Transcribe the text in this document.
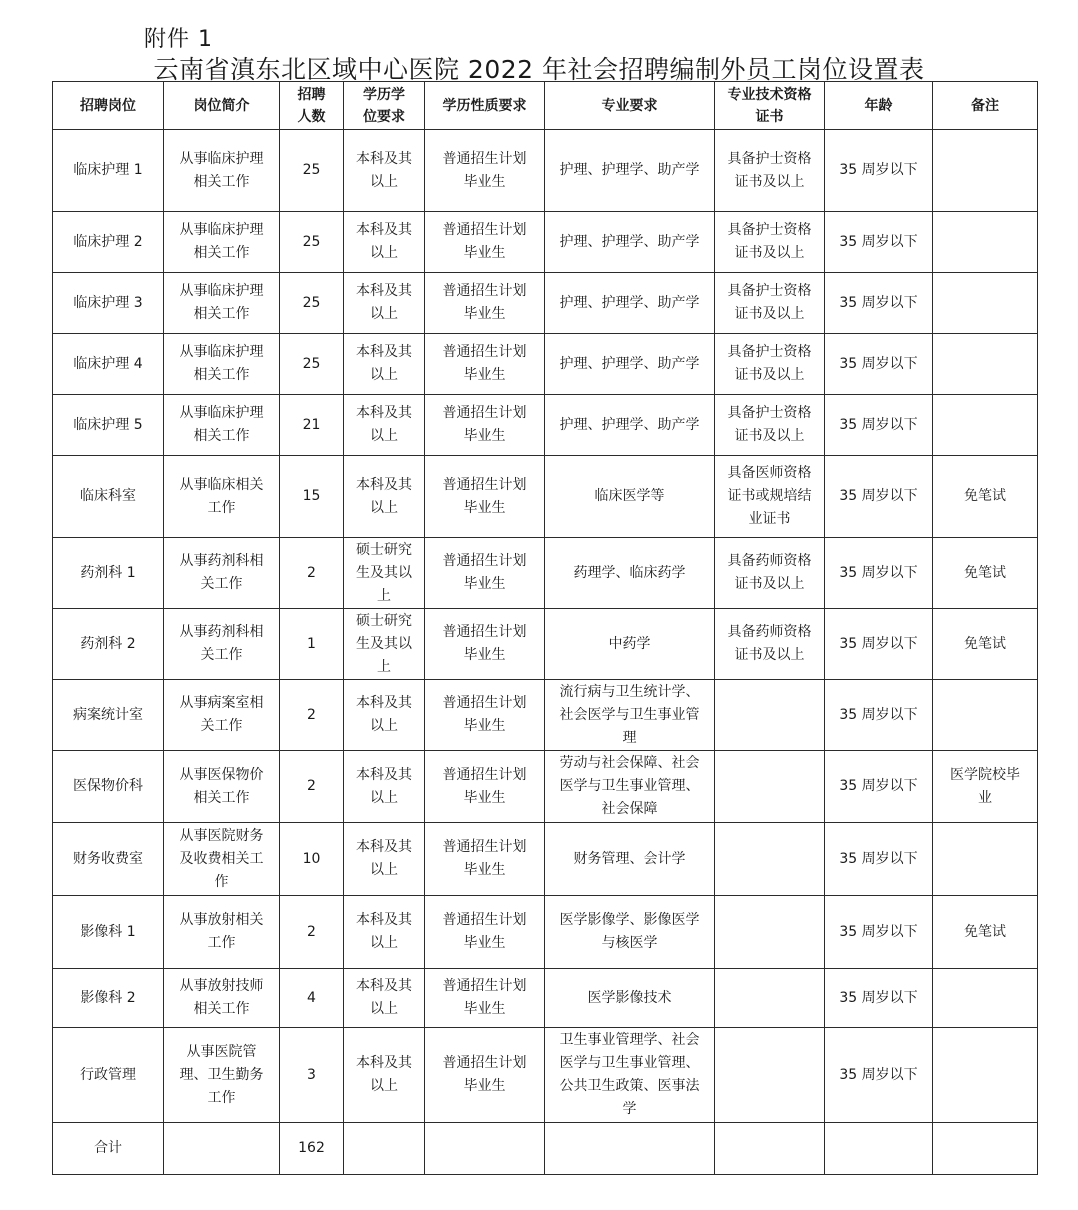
附件 1
云南省滇东北区域中心医院 2022 年社会招聘编制外员工岗位设置表
招聘岗位	岗位简介	招聘人数	学历学位要求	学历性质要求	专业要求	专业技术资格证书	年龄	备注
临床护理 1	从事临床护理相关工作	25	本科及其以上	普通招生计划毕业生	护理、护理学、助产学	具备护士资格证书及以上	35 周岁以下	
临床护理 2	从事临床护理相关工作	25	本科及其以上	普通招生计划毕业生	护理、护理学、助产学	具备护士资格证书及以上	35 周岁以下	
临床护理 3	从事临床护理相关工作	25	本科及其以上	普通招生计划毕业生	护理、护理学、助产学	具备护士资格证书及以上	35 周岁以下	
临床护理 4	从事临床护理相关工作	25	本科及其以上	普通招生计划毕业生	护理、护理学、助产学	具备护士资格证书及以上	35 周岁以下	
临床护理 5	从事临床护理相关工作	21	本科及其以上	普通招生计划毕业生	护理、护理学、助产学	具备护士资格证书及以上	35 周岁以下	
临床科室	从事临床相关工作	15	本科及其以上	普通招生计划毕业生	临床医学等	具备医师资格证书或规培结业证书	35 周岁以下	免笔试
药剂科 1	从事药剂科相关工作	2	硕士研究生及其以上	普通招生计划毕业生	药理学、临床药学	具备药师资格证书及以上	35 周岁以下	免笔试
药剂科 2	从事药剂科相关工作	1	硕士研究生及其以上	普通招生计划毕业生	中药学	具备药师资格证书及以上	35 周岁以下	免笔试
病案统计室	从事病案室相关工作	2	本科及其以上	普通招生计划毕业生	流行病与卫生统计学、社会医学与卫生事业管理		35 周岁以下	
医保物价科	从事医保物价相关工作	2	本科及其以上	普通招生计划毕业生	劳动与社会保障、社会医学与卫生事业管理、社会保障		35 周岁以下	医学院校毕业
财务收费室	从事医院财务及收费相关工作	10	本科及其以上	普通招生计划毕业生	财务管理、会计学		35 周岁以下	
影像科 1	从事放射相关工作	2	本科及其以上	普通招生计划毕业生	医学影像学、影像医学与核医学		35 周岁以下	免笔试
影像科 2	从事放射技师相关工作	4	本科及其以上	普通招生计划毕业生	医学影像技术		35 周岁以下	
行政管理	从事医院管理、卫生勤务工作	3	本科及其以上	普通招生计划毕业生	卫生事业管理学、社会医学与卫生事业管理、公共卫生政策、医事法学		35 周岁以下	
合计		162						
